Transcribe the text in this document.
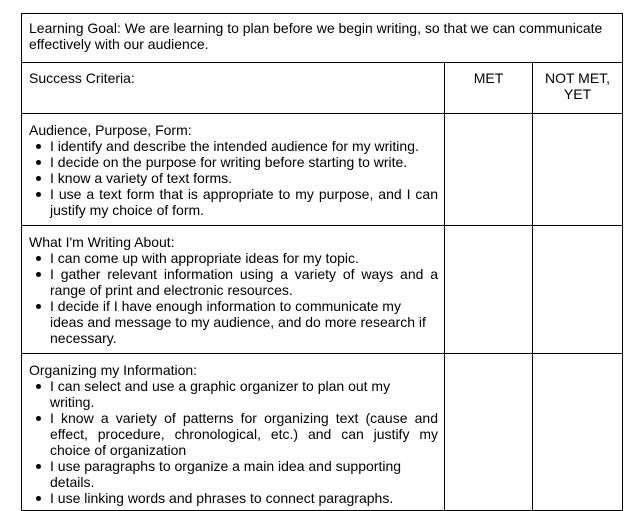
Learning Goal: We are learning to plan before we begin writing, so that we can communicate effectively with our audience.		
Success Criteria:	MET	NOT MET, YET

Audience, Purpose, Form:
I identify and describe the intended audience for my writing.
I decide on the purpose for writing before starting to write.
I know a variety of text forms.
I use a text form that is appropriate to my purpose, and I can justify my choice of form.

What I'm Writing About:
I can come up with appropriate ideas for my topic.
I gather relevant information using a variety of ways and a range of print and electronic resources.
I decide if I have enough information to communicate my ideas and message to my audience, and do more research if necessary.

Organizing my Information:
I can select and use a graphic organizer to plan out my writing.
I know a variety of patterns for organizing text (cause and effect, procedure, chronological, etc.) and can justify my choice of organization
I use paragraphs to organize a main idea and supporting details.
I use linking words and phrases to connect paragraphs.
